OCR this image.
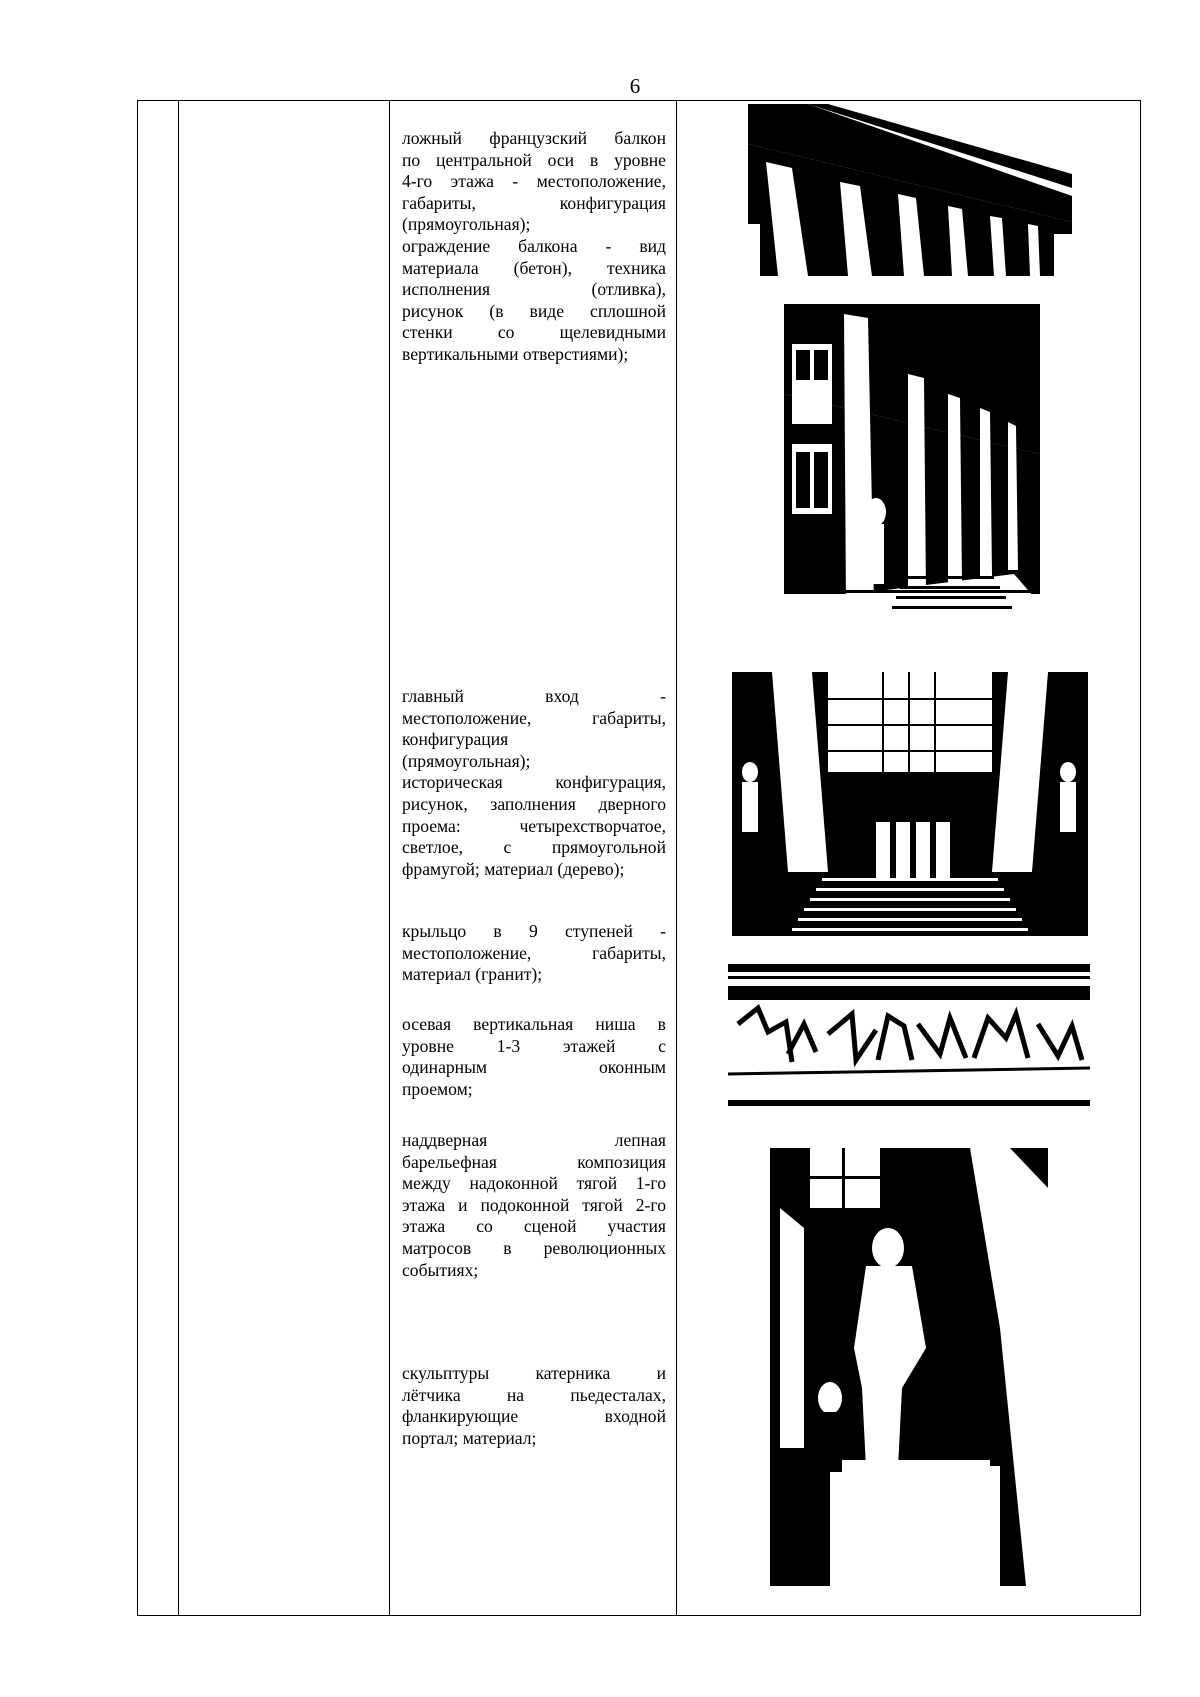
6
ложный французский балкон
по центральной оси в уровне
4-го этажа - местоположение,
габариты, конфигурация
(прямоугольная);
ограждение балкона - вид
материала (бетон), техника
исполнения (отливка),
рисунок (в виде сплошной
стенки со щелевидными
вертикальными отверстиями);
главный вход -
местоположение, габариты,
конфигурация
(прямоугольная);
историческая конфигурация,
рисунок, заполнения дверного
проема: четырехстворчатое,
светлое, с прямоугольной
фрамугой; материал (дерево);
крыльцо в 9 ступеней -
местоположение, габариты,
материал (гранит);
осевая вертикальная ниша в
уровне 1-3 этажей с
одинарным оконным
проемом;
наддверная лепная
барельефная композиция
между надоконной тягой 1-го
этажа и подоконной тягой 2-го
этажа со сценой участия
матросов в революционных
событиях;
скульптуры катерника и
лётчика на пьедесталах,
фланкирующие входной
портал; материал;
